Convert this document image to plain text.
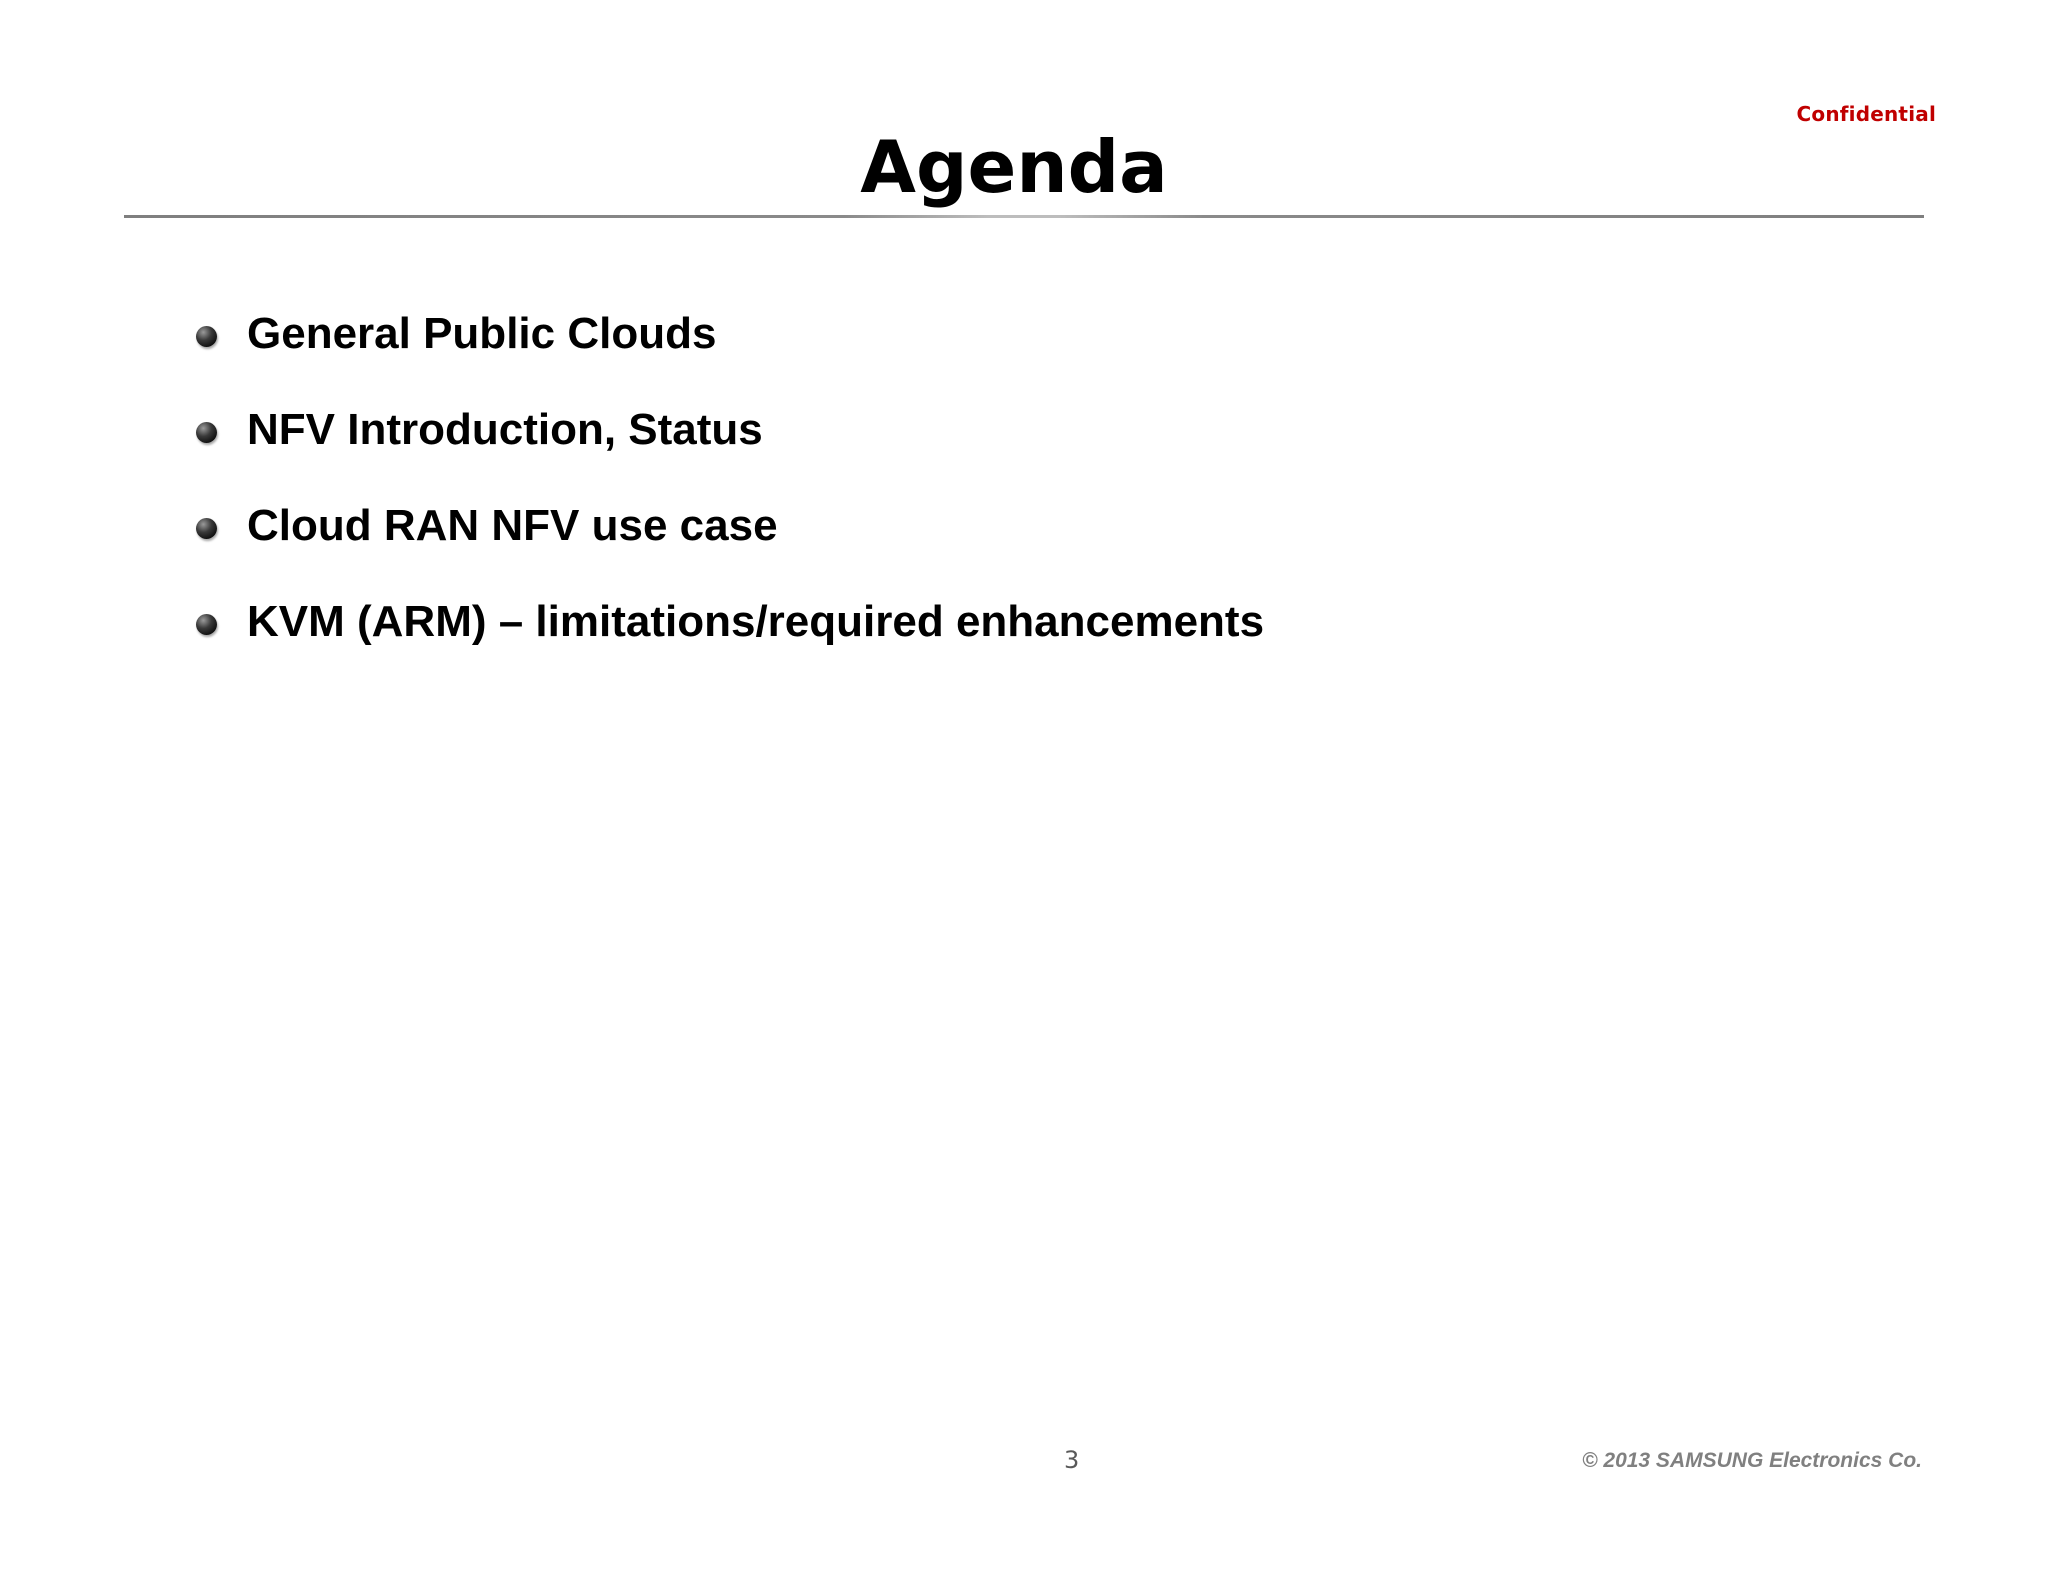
Confidential
Agenda
General Public Clouds
NFV Introduction, Status
Cloud RAN NFV use case
KVM (ARM) – limitations/required enhancements
3	© 2013 SAMSUNG Electronics Co.
